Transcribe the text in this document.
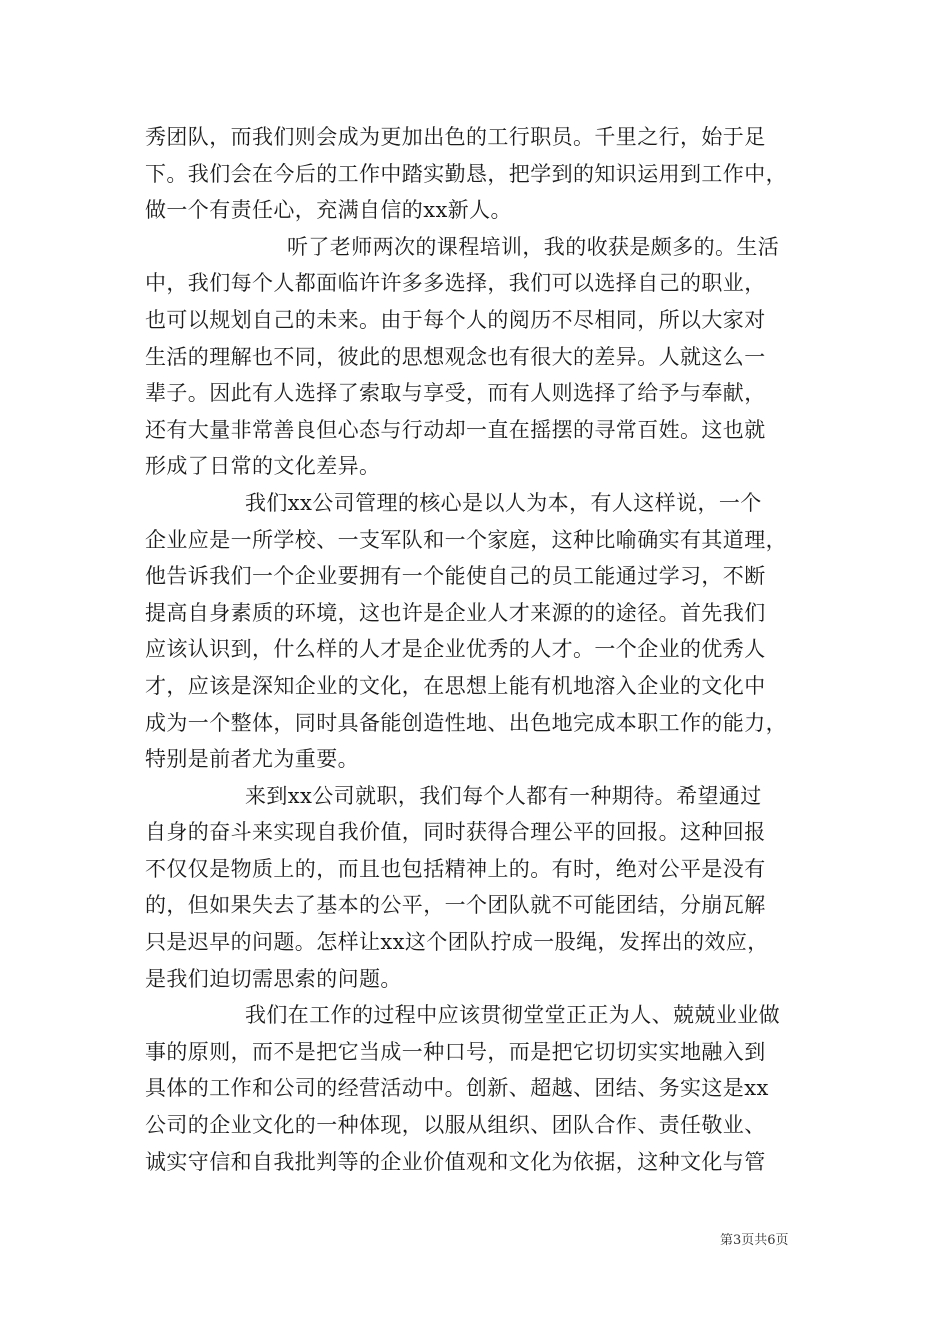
秀团队，而我们则会成为更加出色的工行职员。千里之行，始于足
下。我们会在今后的工作中踏实勤恳，把学到的知识运用到工作中，
做一个有责任心，充满自信的xx新人。
听了老师两次的课程培训，我的收获是颇多的。生活
中，我们每个人都面临许许多多选择，我们可以选择自己的职业，
也可以规划自己的未来。由于每个人的阅历不尽相同，所以大家对
生活的理解也不同，彼此的思想观念也有很大的差异。人就这么一
辈子。因此有人选择了索取与享受，而有人则选择了给予与奉献，
还有大量非常善良但心态与行动却一直在摇摆的寻常百姓。这也就
形成了日常的文化差异。
我们xx公司管理的核心是以人为本，有人这样说，一个
企业应是一所学校、一支军队和一个家庭，这种比喻确实有其道理，
他告诉我们一个企业要拥有一个能使自己的员工能通过学习，不断
提高自身素质的环境，这也许是企业人才来源的的途径。首先我们
应该认识到，什么样的人才是企业优秀的人才。一个企业的优秀人
才，应该是深知企业的文化，在思想上能有机地溶入企业的文化中
成为一个整体，同时具备能创造性地、出色地完成本职工作的能力，
特别是前者尤为重要。
来到xx公司就职，我们每个人都有一种期待。希望通过
自身的奋斗来实现自我价值，同时获得合理公平的回报。这种回报
不仅仅是物质上的，而且也包括精神上的。有时，绝对公平是没有
的，但如果失去了基本的公平，一个团队就不可能团结，分崩瓦解
只是迟早的问题。怎样让xx这个团队拧成一股绳，发挥出的效应，
是我们迫切需思索的问题。
我们在工作的过程中应该贯彻堂堂正正为人、兢兢业业做
事的原则，而不是把它当成一种口号，而是把它切切实实地融入到
具体的工作和公司的经营活动中。创新、超越、团结、务实这是xx
公司的企业文化的一种体现，以服从组织、团队合作、责任敬业、
诚实守信和自我批判等的企业价值观和文化为依据，这种文化与管
第3页共6页
